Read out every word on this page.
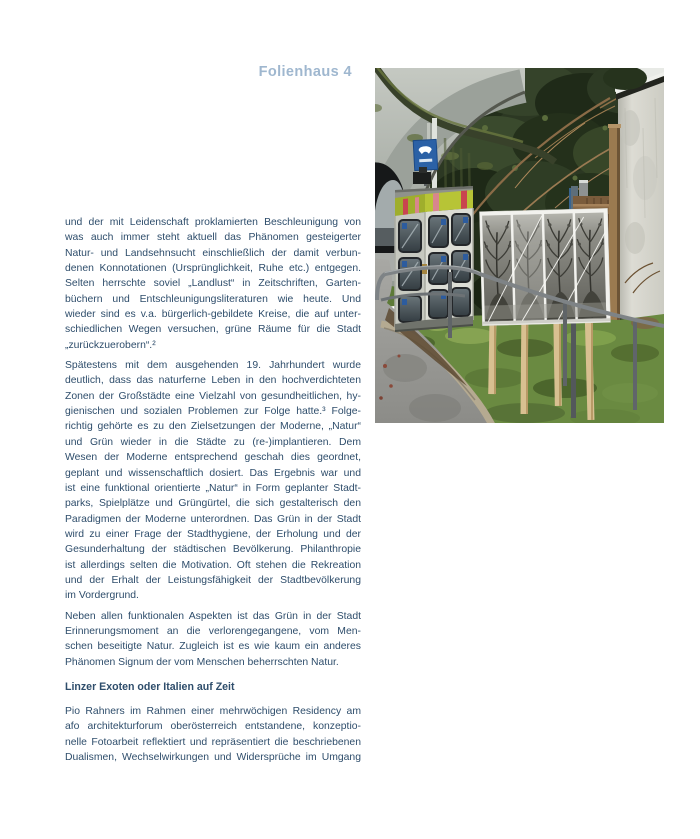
Folienhaus 4
und der mit Leidenschaft proklamierten Beschleunigung von
was auch immer steht aktuell das Phänomen gesteigerter
Natur- und Landsehnsucht einschließlich der damit verbun-
denen Konnotationen (Ursprünglichkeit, Ruhe etc.) entgegen.
Selten herrschte soviel „Landlust“ in Zeitschriften, Garten-
büchern und Entschleunigungsliteraturen wie heute. Und
wieder sind es v.a. bürgerlich-gebildete Kreise, die auf unter-
schiedlichen Wegen versuchen, grüne Räume für die Stadt
„zurückzuerobern“.²
Spätestens mit dem ausgehenden 19. Jahrhundert wurde
deutlich, dass das naturferne Leben in den hochverdichteten
Zonen der Großstädte eine Vielzahl von gesundheitlichen, hy-
gienischen und sozialen Problemen zur Folge hatte.³ Folge-
richtig gehörte es zu den Zielsetzungen der Moderne, „Natur“
und Grün wieder in die Städte zu (re-)implantieren. Dem
Wesen der Moderne entsprechend geschah dies geordnet,
geplant und wissenschaftlich dosiert. Das Ergebnis war und
ist eine funktional orientierte „Natur“ in Form geplanter Stadt-
parks, Spielplätze und Grüngürtel, die sich gestalterisch den
Paradigmen der Moderne unterordnen. Das Grün in der Stadt
wird zu einer Frage der Stadthygiene, der Erholung und der
Gesunderhaltung der städtischen Bevölkerung. Philanthropie
ist allerdings selten die Motivation. Oft stehen die Rekreation
und der Erhalt der Leistungsfähigkeit der Stadtbevölkerung
im Vordergrund.
Neben allen funktionalen Aspekten ist das Grün in der Stadt
Erinnerungsmoment an die verlorengegangene, vom Men-
schen beseitigte Natur. Zugleich ist es wie kaum ein anderes
Phänomen Signum der vom Menschen beherrschten Natur.
Linzer Exoten oder Italien auf Zeit
Pio Rahners im Rahmen einer mehrwöchigen Residency am
afo architekturforum oberösterreich entstandene, konzeptio-
nelle Fotoarbeit reflektiert und repräsentiert die beschriebenen
Dualismen, Wechselwirkungen und Widersprüche im Umgang
